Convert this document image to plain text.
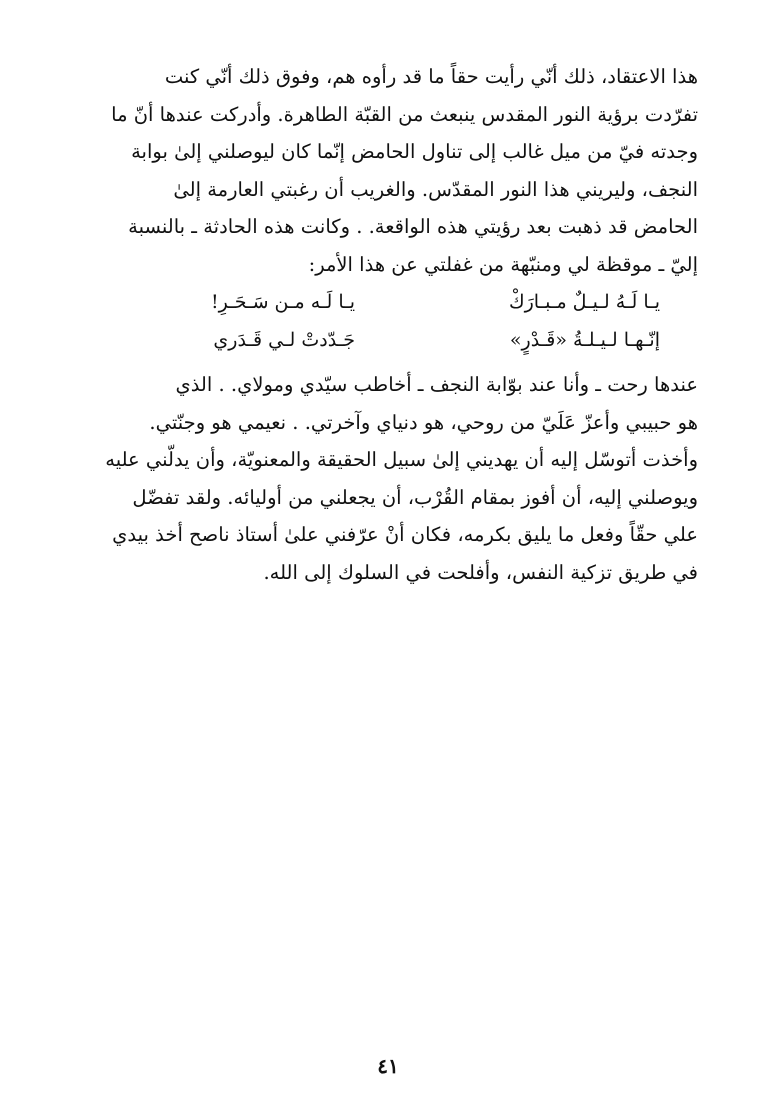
هذا الاعتقاد، ذلك أنّي رأيت حقاً ما قد رأوه هم، وفوق ذلك أنّي كنت
تفرّدت برؤية النور المقدس ينبعث من القبّة الطاهرة. وأدركت عندها أنّ ما
وجدته فيّ من ميل غالب إلى تناول الحامض إنّما كان ليوصلني إلىٰ بوابة
النجف، وليريني هذا النور المقدّس. والغريب أن رغبتي العارمة إلىٰ
الحامض قد ذهبت بعد رؤيتي هذه الواقعة. . وكانت هذه الحادثة ـ بالنسبة
إليّ ـ موقظة لي ومنبّهة من غفلتي عن هذا الأمر:
يـا لَـهُ لـيـلٌ مـبـارَكْ
يـا لَـه مـن سَـحَـرِ!
إنّـهـا لـيـلـةُ «قَـدْرٍ»
جَـدّدتْ لـي قَـدَري
عندها رحت ـ وأنا عند بوّابة النجف ـ أخاطب سيّدي ومولاي. . الذي
هو حبيبي وأعزّ عَلَيّ من روحي، هو دنياي وآخرتي. . نعيمي هو وجنّتي.
وأخذت أتوسّل إليه أن يهديني إلىٰ سبيل الحقيقة والمعنويّة، وأن يدلّني عليه
ويوصلني إليه، أن أفوز بمقام القُرْب، أن يجعلني من أوليائه. ولقد تفضّل
علي حقّاً وفعل ما يليق بكرمه، فكان أنْ عرّفني علىٰ أستاذ ناصح أخذ بيدي
في طريق تزكية النفس، وأفلحت في السلوك إلى الله.
٤١
